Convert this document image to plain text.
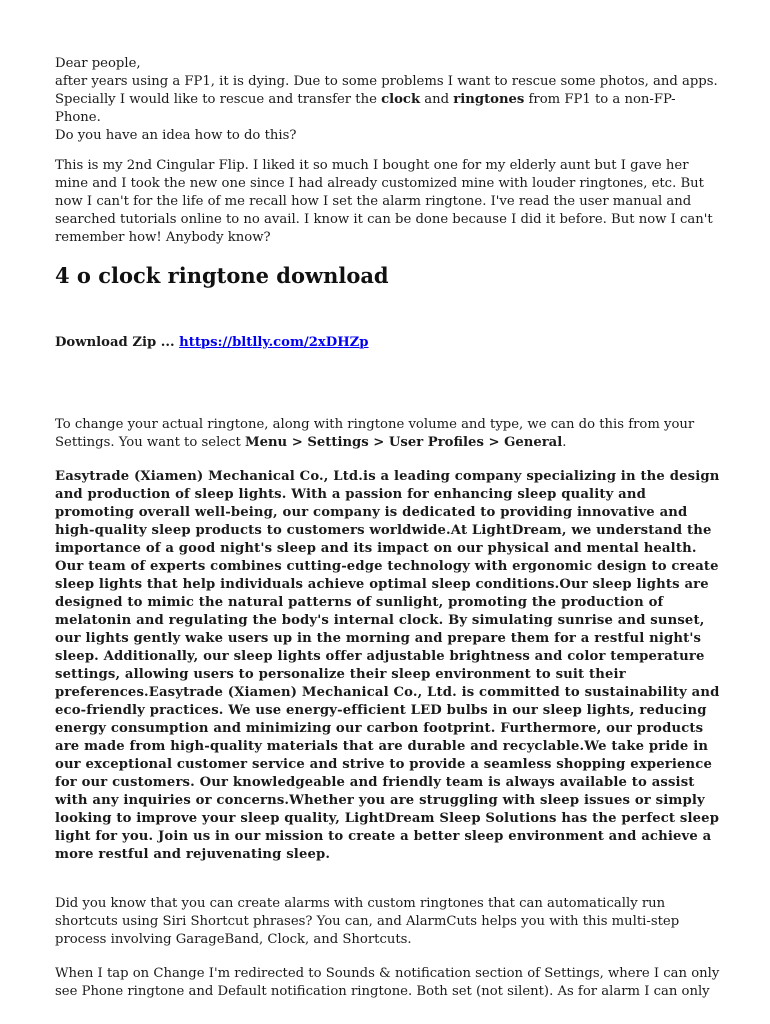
Dear people,
after years using a FP1, it is dying. Due to some problems I want to rescue some photos, and apps.
Specially I would like to rescue and transfer the clock and ringtones from FP1 to a non-FP-Phone.
Do you have an idea how to do this?

This is my 2nd Cingular Flip. I liked it so much I bought one for my elderly aunt but I gave her mine and I took the new one since I had already customized mine with louder ringtones, etc. But now I can't for the life of me recall how I set the alarm ringtone. I've read the user manual and searched tutorials online to no avail. I know it can be done because I did it before. But now I can't remember how! Anybody know?

4 o clock ringtone download

Download Zip ... https://bltlly.com/2xDHZp

To change your actual ringtone, along with ringtone volume and type, we can do this from your Settings. You want to select Menu > Settings > User Profiles > General.

Easytrade (Xiamen) Mechanical Co., Ltd.is a leading company specializing in the design and production of sleep lights. With a passion for enhancing sleep quality and promoting overall well-being, our company is dedicated to providing innovative and high-quality sleep products to customers worldwide.At LightDream, we understand the importance of a good night's sleep and its impact on our physical and mental health. Our team of experts combines cutting-edge technology with ergonomic design to create sleep lights that help individuals achieve optimal sleep conditions.Our sleep lights are designed to mimic the natural patterns of sunlight, promoting the production of melatonin and regulating the body's internal clock. By simulating sunrise and sunset, our lights gently wake users up in the morning and prepare them for a restful night's sleep. Additionally, our sleep lights offer adjustable brightness and color temperature settings, allowing users to personalize their sleep environment to suit their preferences.Easytrade (Xiamen) Mechanical Co., Ltd. is committed to sustainability and eco-friendly practices. We use energy-efficient LED bulbs in our sleep lights, reducing energy consumption and minimizing our carbon footprint. Furthermore, our products are made from high-quality materials that are durable and recyclable.We take pride in our exceptional customer service and strive to provide a seamless shopping experience for our customers. Our knowledgeable and friendly team is always available to assist with any inquiries or concerns.Whether you are struggling with sleep issues or simply looking to improve your sleep quality, LightDream Sleep Solutions has the perfect sleep light for you. Join us in our mission to create a better sleep environment and achieve a more restful and rejuvenating sleep.

Did you know that you can create alarms with custom ringtones that can automatically run shortcuts using Siri Shortcut phrases? You can, and AlarmCuts helps you with this multi-step process involving GarageBand, Clock, and Shortcuts.

When I tap on Change I'm redirected to Sounds & notification section of Settings, where I can only see Phone ringtone and Default notification ringtone. Both set (not silent). As for alarm I can only
